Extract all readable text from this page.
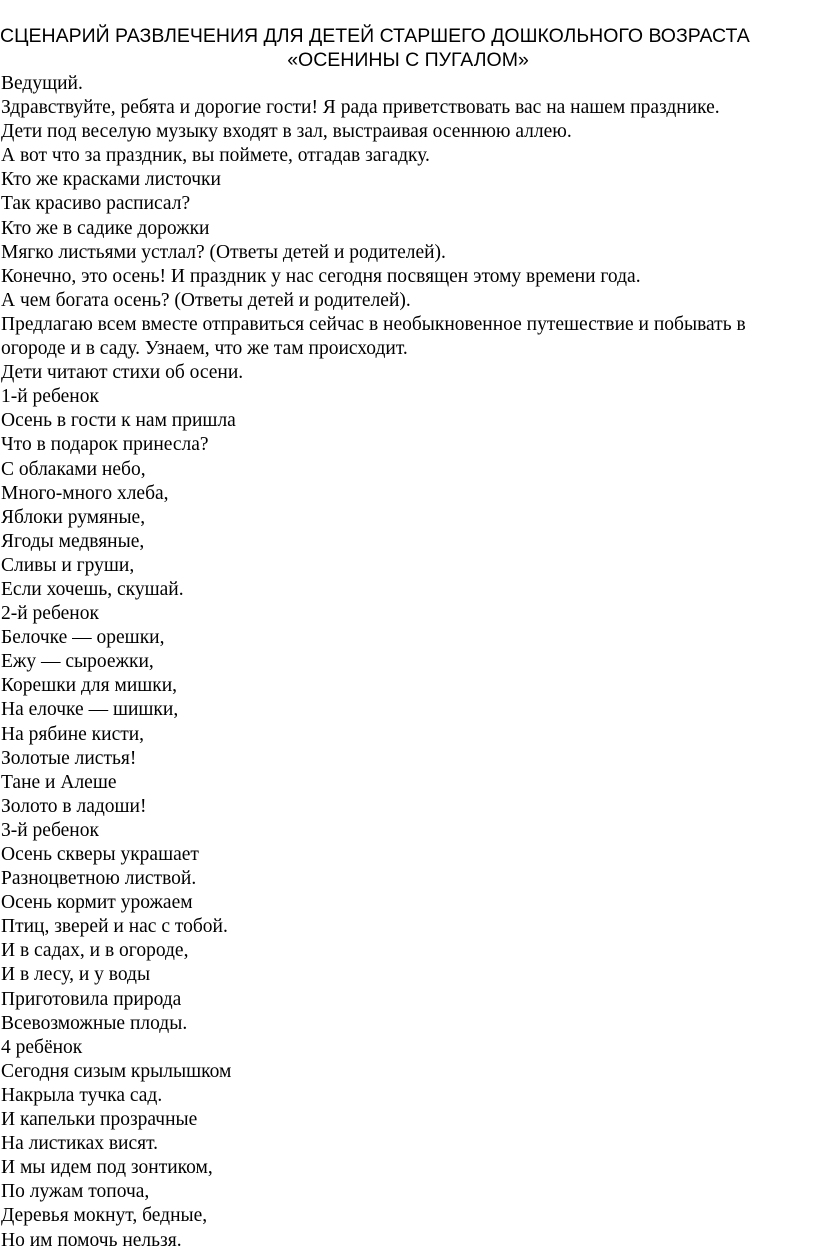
СЦЕНАРИЙ РАЗВЛЕЧЕНИЯ ДЛЯ ДЕТЕЙ СТАРШЕГО ДОШКОЛЬНОГО ВОЗРАСТА

«ОСЕНИНЫ С ПУГАЛОМ»

Ведущий.

Здравствуйте, ребята и дорогие гости! Я рада приветствовать вас на нашем празднике.

Дети под веселую музыку входят в зал, выстраивая осеннюю аллею.

А вот что за праздник, вы поймете, отгадав загадку.

Кто же красками листочки

Так красиво расписал?

Кто же в садике дорожки

Мягко листьями устлал? (Ответы детей и родителей).

Конечно, это осень! И праздник у нас сегодня посвящен этому времени года.

А чем богата осень? (Ответы детей и родителей).

Предлагаю всем вместе отправиться сейчас в необыкновенное путешествие и побывать в

огороде и в саду. Узнаем, что же там происходит.

Дети читают стихи об осени.

1-й ребенок

Осень в гости к нам пришла

Что в подарок принесла?

С облаками небо,

Много-много хлеба,

Яблоки румяные,

Ягоды медвяные,

Сливы и груши,

Если хочешь, скушай.

2-й ребенок

Белочке — орешки,

Ежу — сыроежки,

Корешки для мишки,

На елочке — шишки,

На рябине кисти,

Золотые листья!

Тане и Алеше

Золото в ладоши!

3-й ребенок

Осень скверы украшает

Разноцветною листвой.

Осень кормит урожаем

Птиц, зверей и нас с тобой.

И в садах, и в огороде,

И в лесу, и у воды

Приготовила природа

Всевозможные плоды.

4 ребёнок

Сегодня сизым крылышком

Накрыла тучка сад.

И капельки прозрачные

На листиках висят.

И мы идем под зонтиком,

По лужам топоча,

Деревья мокнут, бедные,

Но им помочь нельзя.
